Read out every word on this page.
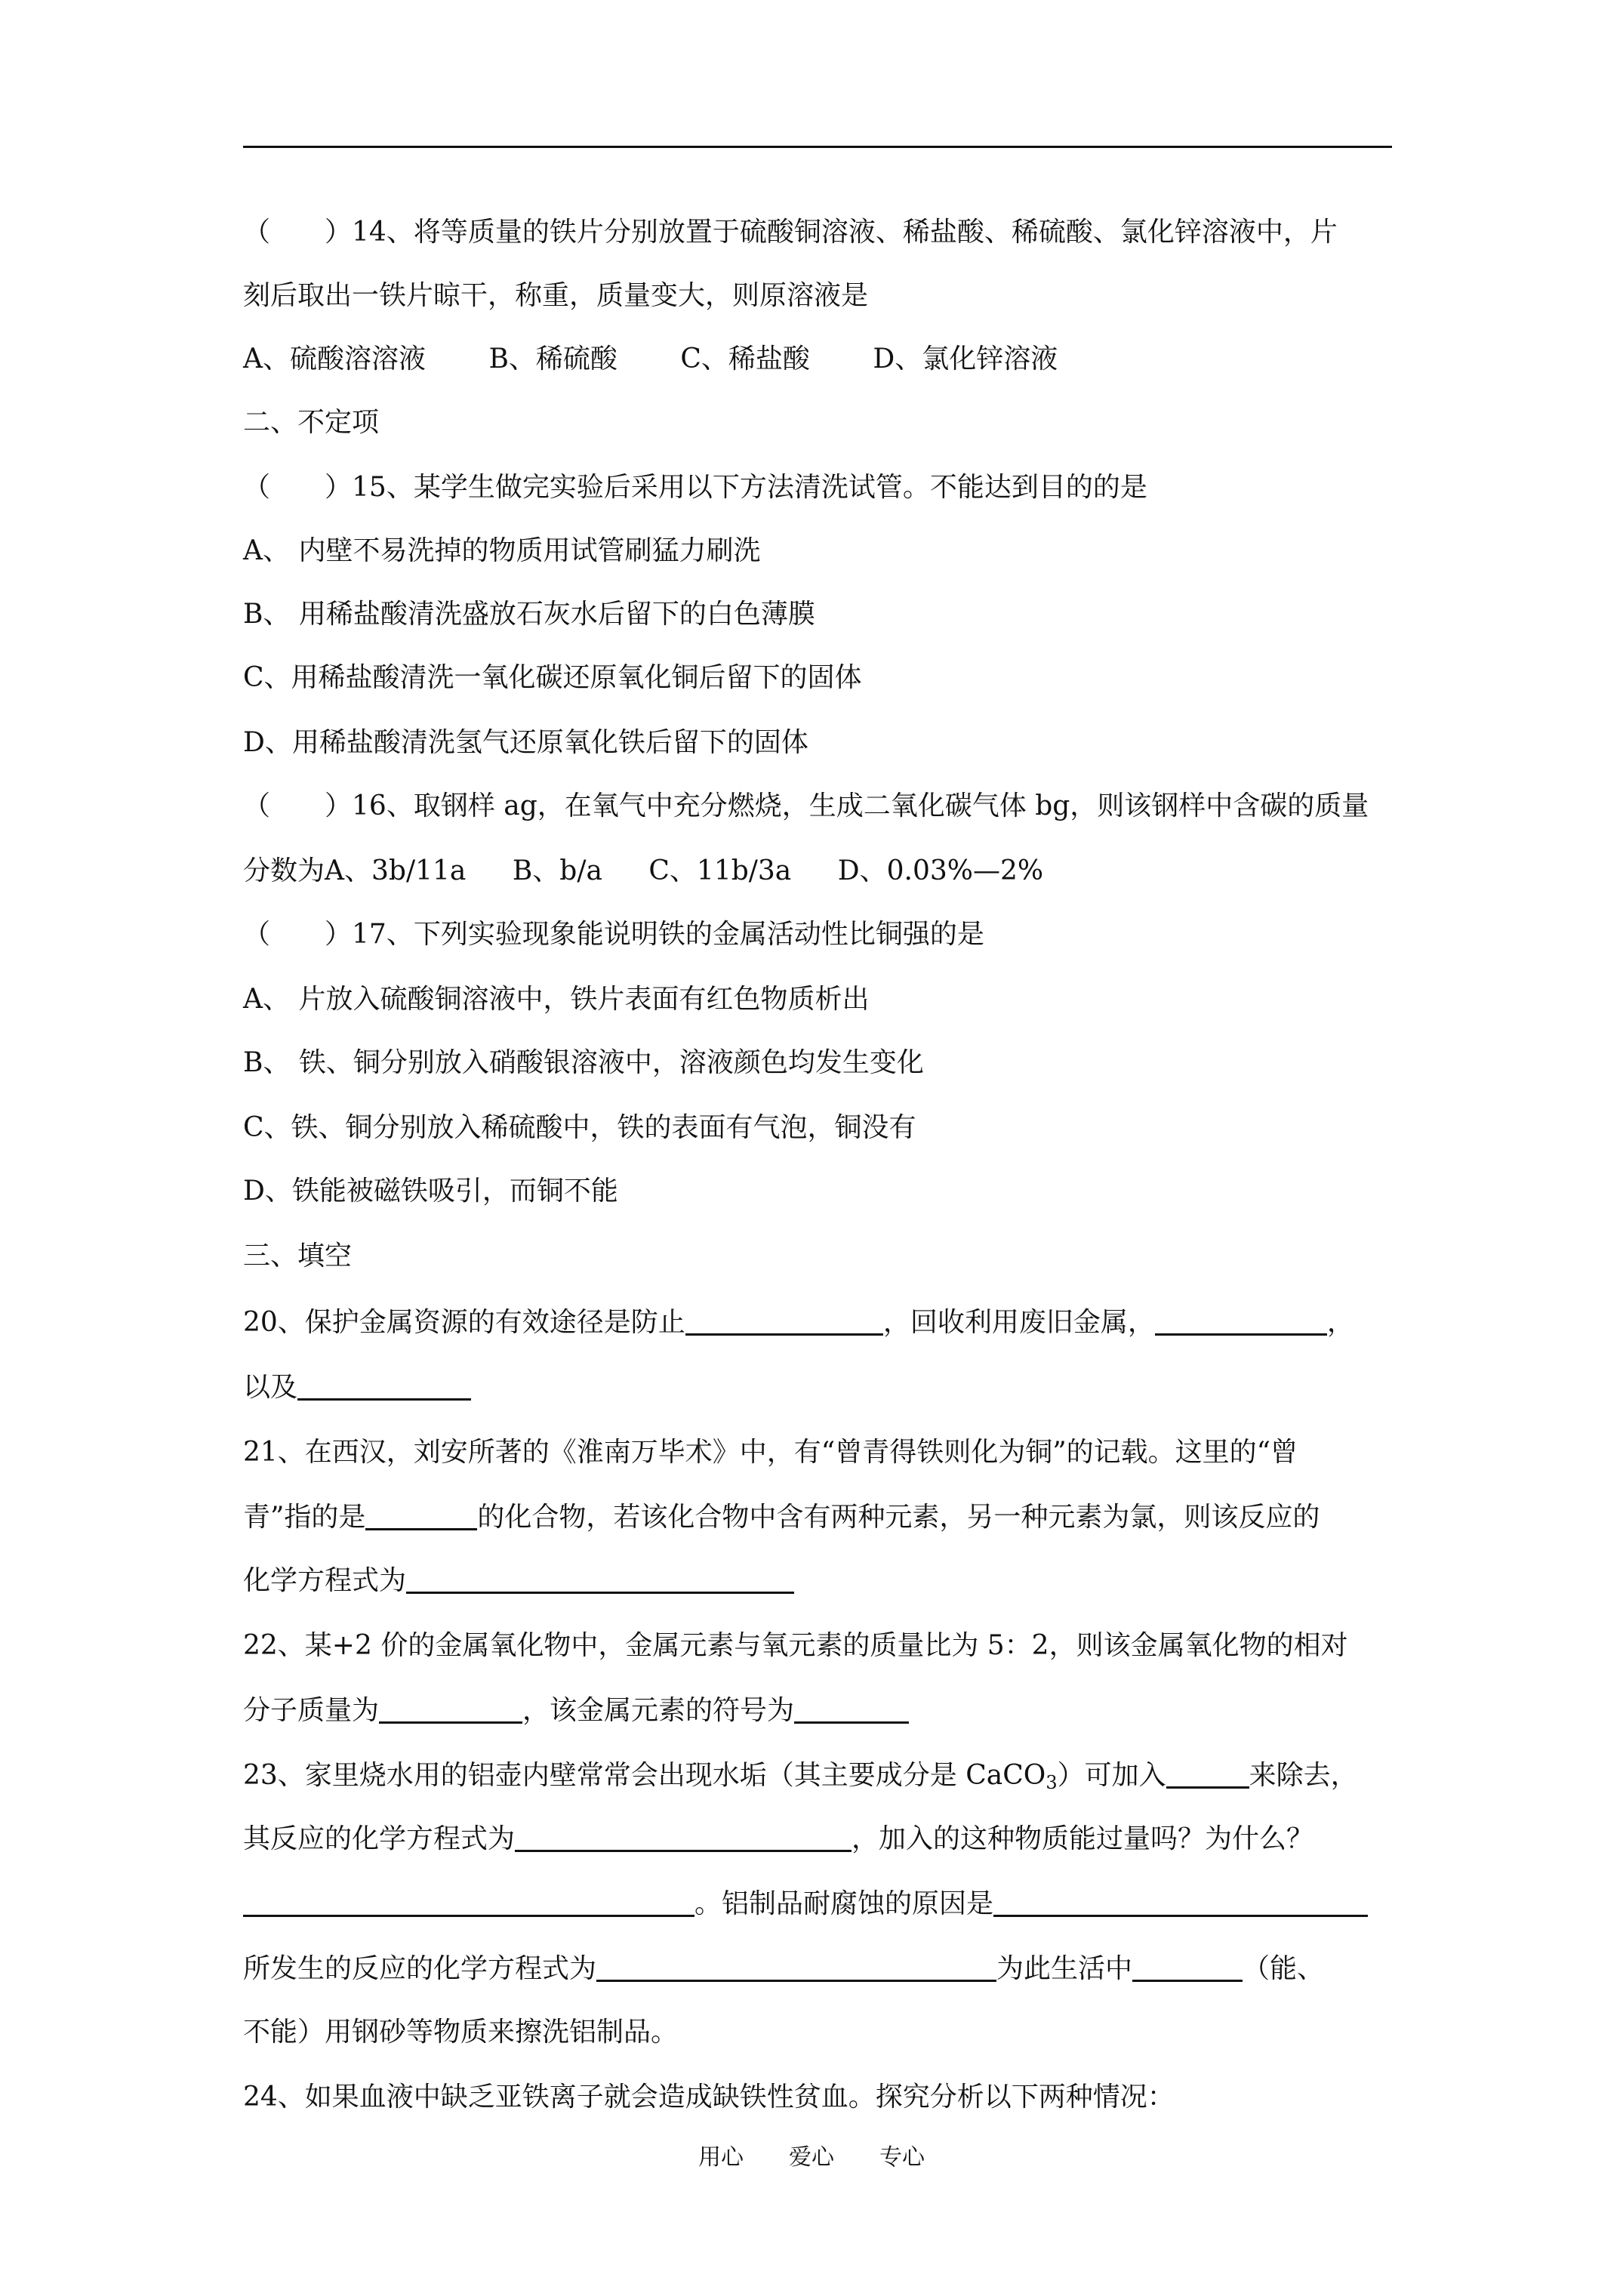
（　　）14、将等质量的铁片分别放置于硫酸铜溶液、稀盐酸、稀硫酸、氯化锌溶液中，片
刻后取出一铁片晾干，称重，质量变大，则原溶液是
A、硫酸溶溶液 B、稀硫酸 C、稀盐酸 D、氯化锌溶液
二、不定项
（　　）15、某学生做完实验后采用以下方法清洗试管。不能达到目的的是
A、 内壁不易洗掉的物质用试管刷猛力刷洗
B、 用稀盐酸清洗盛放石灰水后留下的白色薄膜
C、用稀盐酸清洗一氧化碳还原氧化铜后留下的固体
D、用稀盐酸清洗氢气还原氧化铁后留下的固体
（　　）16、取钢样 ag，在氧气中充分燃烧，生成二氧化碳气体 bg，则该钢样中含碳的质量
分数为A、3b/11a B、b/a C、11b/3a D、0.03%—2%
（　　）17、下列实验现象能说明铁的金属活动性比铜强的是
A、 片放入硫酸铜溶液中，铁片表面有红色物质析出
B、 铁、铜分别放入硝酸银溶液中，溶液颜色均发生变化
C、铁、铜分别放入稀硫酸中，铁的表面有气泡，铜没有
D、铁能被磁铁吸引，而铜不能
三、填空
20、保护金属资源的有效途径是防止	，回收利用废旧金属，	，
以及
21、在西汉，刘安所著的《淮南万毕术》中，有“曾青得铁则化为铜”的记载。这里的“曾
青”指的是	的化合物，若该化合物中含有两种元素，另一种元素为氯，则该反应的
化学方程式为
22、某+2 价的金属氧化物中，金属元素与氧元素的质量比为 5：2，则该金属氧化物的相对
分子质量为	，该金属元素的符号为
23、家里烧水用的铝壶内壁常常会出现水垢（其主要成分是 CaCO$_3$）可加入	来除去，
其反应的化学方程式为	，加入的这种物质能过量吗？为什么？
。铝制品耐腐蚀的原因是
所发生的反应的化学方程式为	为此生活中	（能、
不能）用钢砂等物质来擦洗铝制品。
24、如果血液中缺乏亚铁离子就会造成缺铁性贫血。探究分析以下两种情况：
用心　　爱心　　专心
